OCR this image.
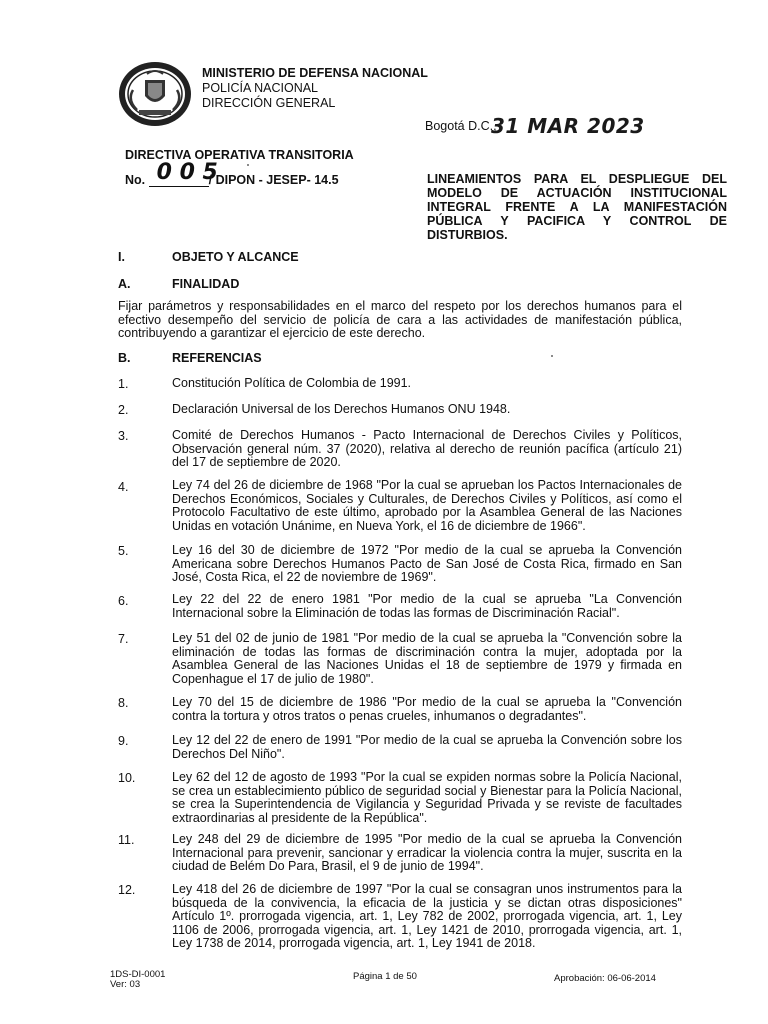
MINISTERIO DE DEFENSA NACIONAL
POLICÍA NACIONAL
DIRECCIÓN GENERAL
Bogotá D.C.,
31 MAR 2023
DIRECTIVA OPERATIVA TRANSITORIA
No. 0 0 5
/ DIPON - JESEP- 14.5	LINEAMIENTOS PARA EL DESPLIEGUE DEL MODELO DE ACTUACIÓN INSTITUCIONAL INTEGRAL FRENTE A LA MANIFESTACIÓN PÚBLICA Y PACIFICA Y CONTROL DE DISTURBIOS.
I.	OBJETO Y ALCANCE
A.	FINALIDAD
Fijar parámetros y responsabilidades en el marco del respeto por los derechos humanos para el efectivo desempeño del servicio de policía de cara a las actividades de manifestación pública, contribuyendo a garantizar el ejercicio de este derecho.
B.	REFERENCIAS
1.	Constitución Política de Colombia de 1991.
2.	Declaración Universal de los Derechos Humanos ONU 1948.
3.	Comité de Derechos Humanos - Pacto Internacional de Derechos Civiles y Políticos, Observación general núm. 37 (2020), relativa al derecho de reunión pacífica (artículo 21) del 17 de septiembre de 2020.
4.	Ley 74 del 26 de diciembre de 1968 "Por la cual se aprueban los Pactos Internacionales de Derechos Económicos, Sociales y Culturales, de Derechos Civiles y Políticos, así como el Protocolo Facultativo de este último, aprobado por la Asamblea General de las Naciones Unidas en votación Unánime, en Nueva York, el 16 de diciembre de 1966".
5.	Ley 16 del 30 de diciembre de 1972 "Por medio de la cual se aprueba la Convención Americana sobre Derechos Humanos Pacto de San José de Costa Rica, firmado en San José, Costa Rica, el 22 de noviembre de 1969".
6.	Ley 22 del 22 de enero 1981 "Por medio de la cual se aprueba "La Convención Internacional sobre la Eliminación de todas las formas de Discriminación Racial".
7.	Ley 51 del 02 de junio de 1981 "Por medio de la cual se aprueba la "Convención sobre la eliminación de todas las formas de discriminación contra la mujer, adoptada por la Asamblea General de las Naciones Unidas el 18 de septiembre de 1979 y firmada en Copenhague el 17 de julio de 1980".
8.	Ley 70 del 15 de diciembre de 1986 "Por medio de la cual se aprueba la "Convención contra la tortura y otros tratos o penas crueles, inhumanos o degradantes".
9.	Ley 12 del 22 de enero de 1991 "Por medio de la cual se aprueba la Convención sobre los Derechos Del Niño".
10.	Ley 62 del 12 de agosto de 1993 "Por la cual se expiden normas sobre la Policía Nacional, se crea un establecimiento público de seguridad social y Bienestar para la Policía Nacional, se crea la Superintendencia de Vigilancia y Seguridad Privada y se reviste de facultades extraordinarias al presidente de la República".
11.	Ley 248 del 29 de diciembre de 1995 "Por medio de la cual se aprueba la Convención Internacional para prevenir, sancionar y erradicar la violencia contra la mujer, suscrita en la ciudad de Belém Do Para, Brasil, el 9 de junio de 1994".
12.	Ley 418 del 26 de diciembre de 1997 "Por la cual se consagran unos instrumentos para la búsqueda de la convivencia, la eficacia de la justicia y se dictan otras disposiciones" Artículo 1º. prorrogada vigencia, art. 1, Ley 782 de 2002, prorrogada vigencia, art. 1, Ley 1106 de 2006, prorrogada vigencia, art. 1, Ley 1421 de 2010, prorrogada vigencia, art. 1, Ley 1738 de 2014, prorrogada vigencia, art. 1, Ley 1941 de 2018.
1DS-DI-0001
Ver: 03
Página 1 de 50	Aprobación: 06-06-2014
